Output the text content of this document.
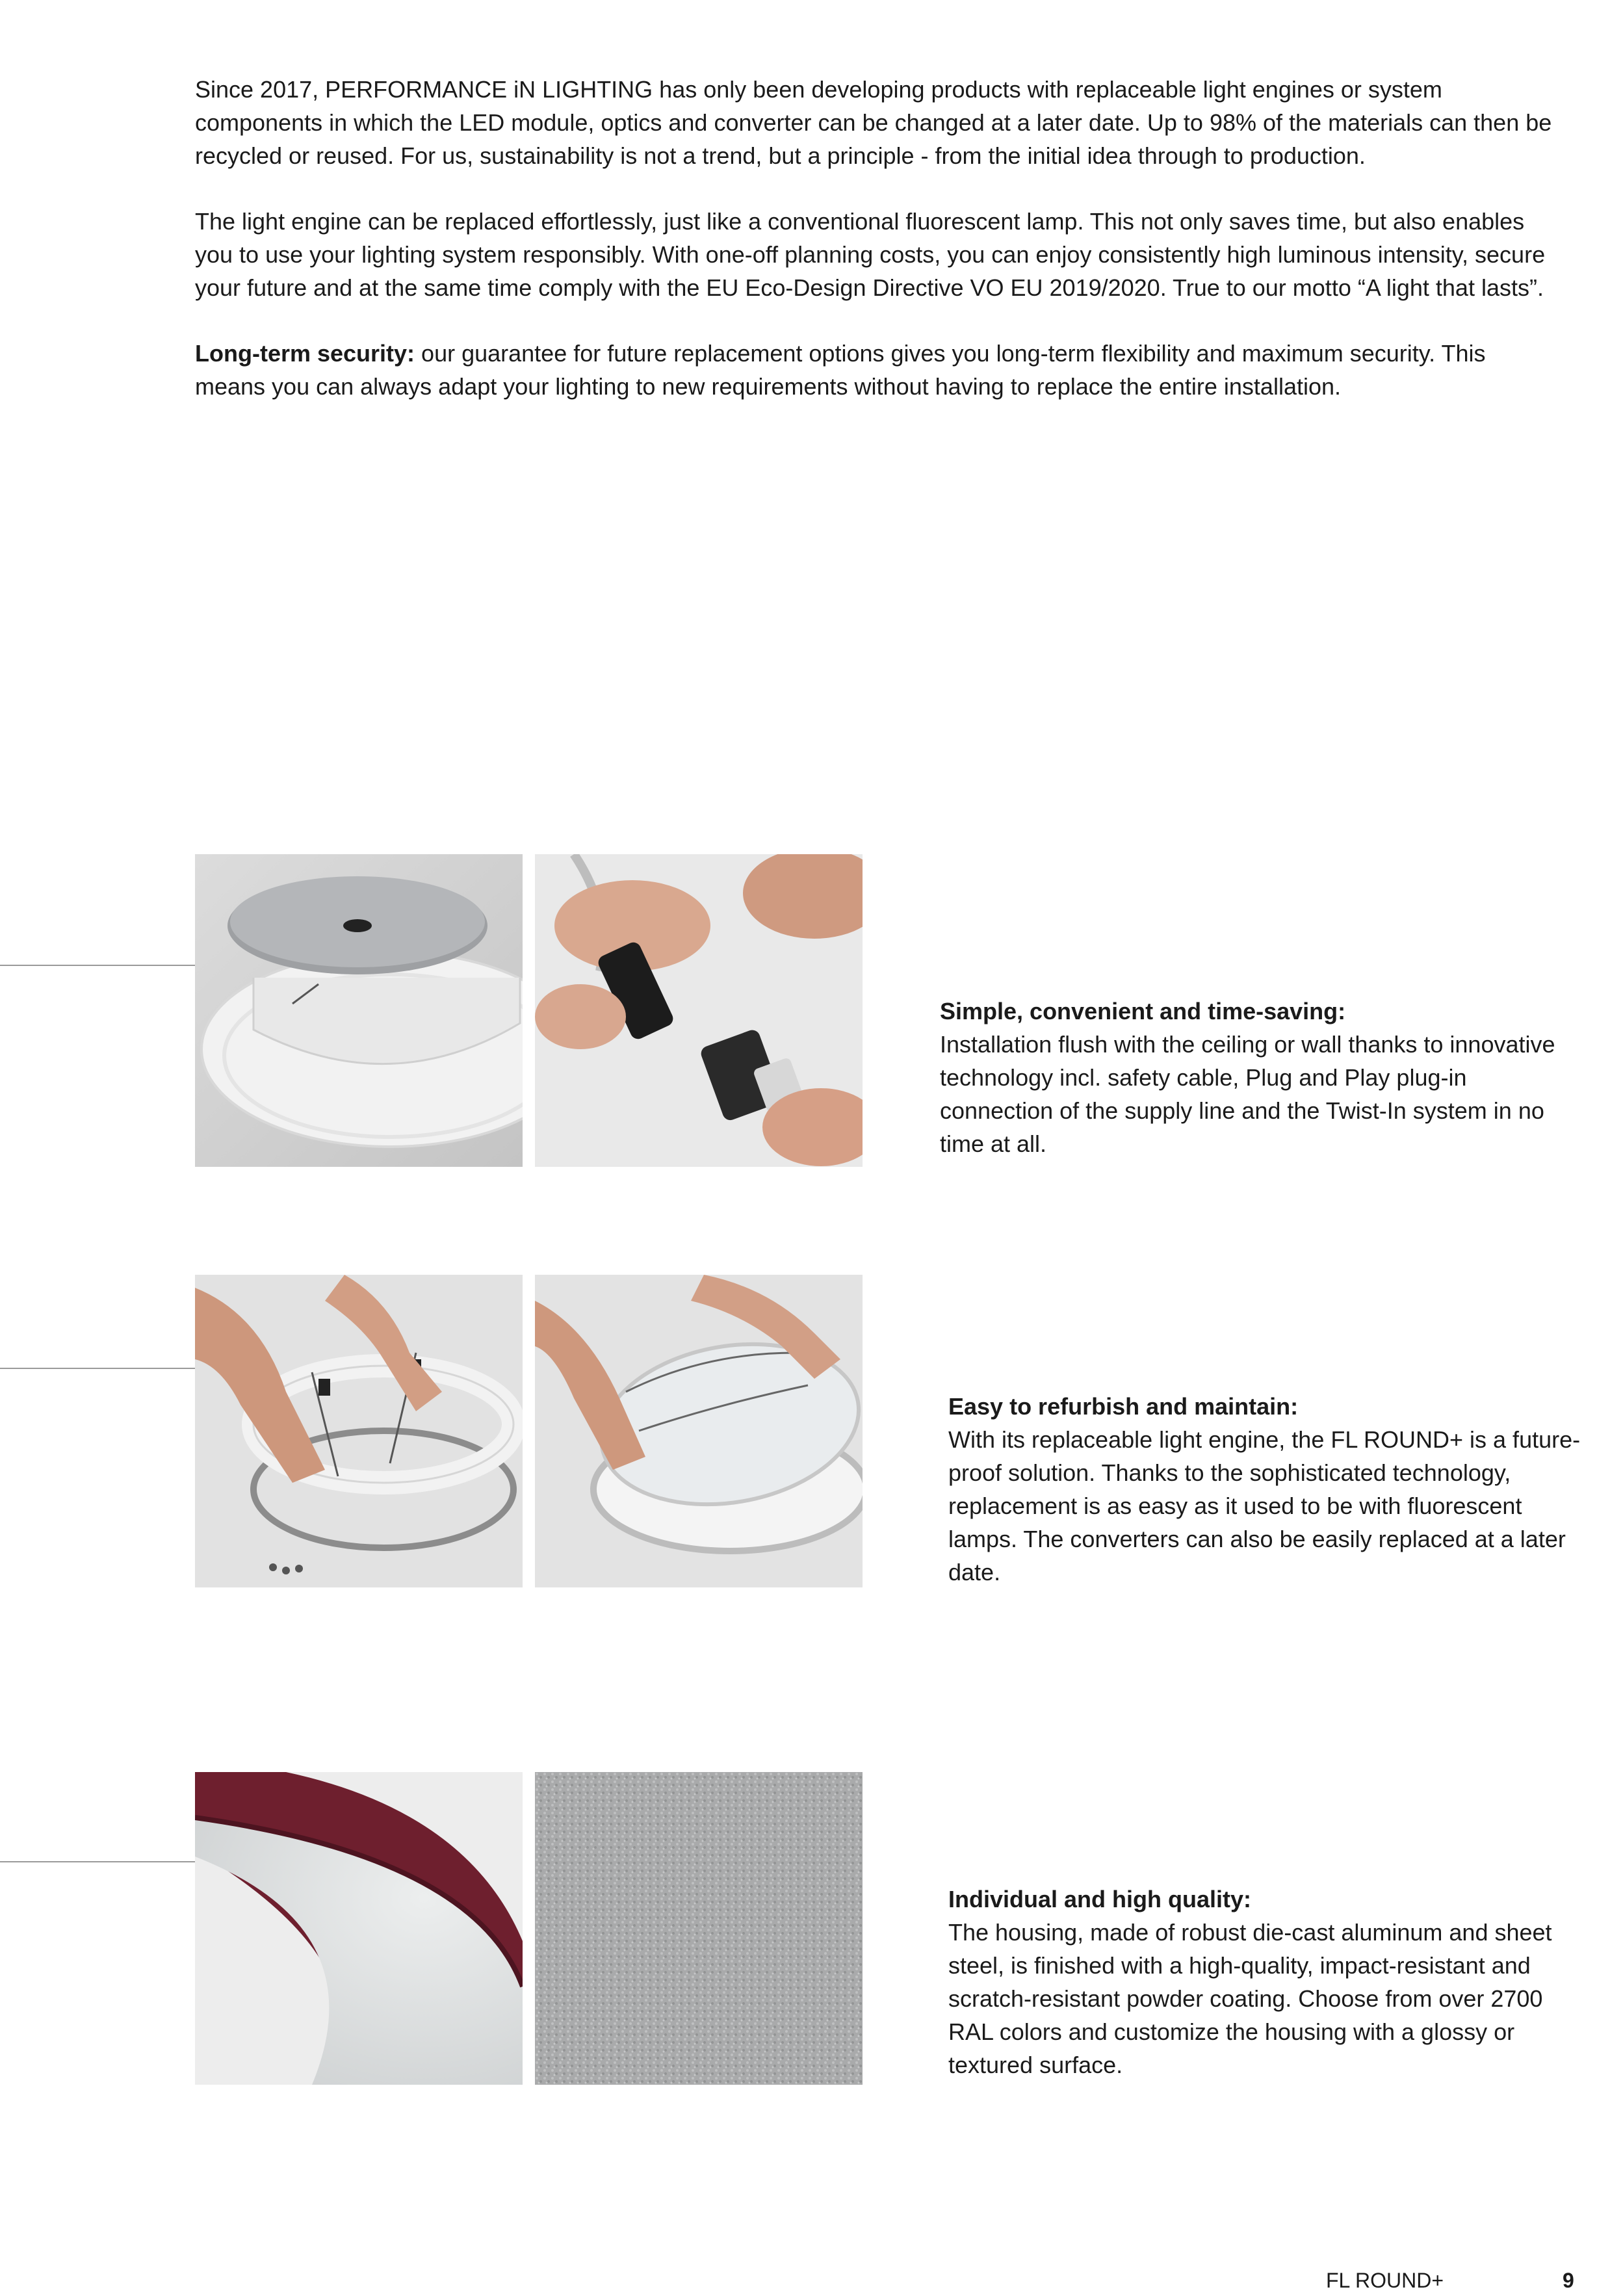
Since 2017, PERFORMANCE iN LIGHTING has only been developing products with replaceable light engines or system components in which the LED module, optics and converter can be changed at a later date. Up to 98% of the materials can then be recycled or reused. For us, sustainability is not a trend, but a principle - from the initial idea through to production.

The light engine can be replaced effortlessly, just like a conventional fluorescent lamp. This not only saves time, but also enables you to use your lighting system responsibly. With one-off planning costs, you can enjoy consistently high luminous intensity, secure your future and at the same time comply with the EU Eco-Design Directive VO EU 2019/2020. True to our motto “A light that lasts”.

Long-term security: our guarantee for future replacement options gives you long-term flexibility and maximum security. This means you can always adapt your lighting to new requirements without having to replace the entire installation.

Simple, convenient and time-saving:
Installation flush with the ceiling or wall thanks to innovative technology incl. safety cable, Plug and Play plug-in connection of the supply line and the Twist-In system in no time at all.
Easy to refurbish and maintain:
With its replaceable light engine, the FL ROUND+ is a future-proof solution. Thanks to the sophisticated technology, replacement is as easy as it used to be with fluorescent lamps. The converters can also be easily replaced at a later date.
Individual and high quality:
The housing, made of robust die-cast aluminum and sheet steel, is finished with a high-quality, impact-resistant and scratch-resistant powder coating. Choose from over 2700 RAL colors and customize the housing with a glossy or textured surface.
FL ROUND+	9
